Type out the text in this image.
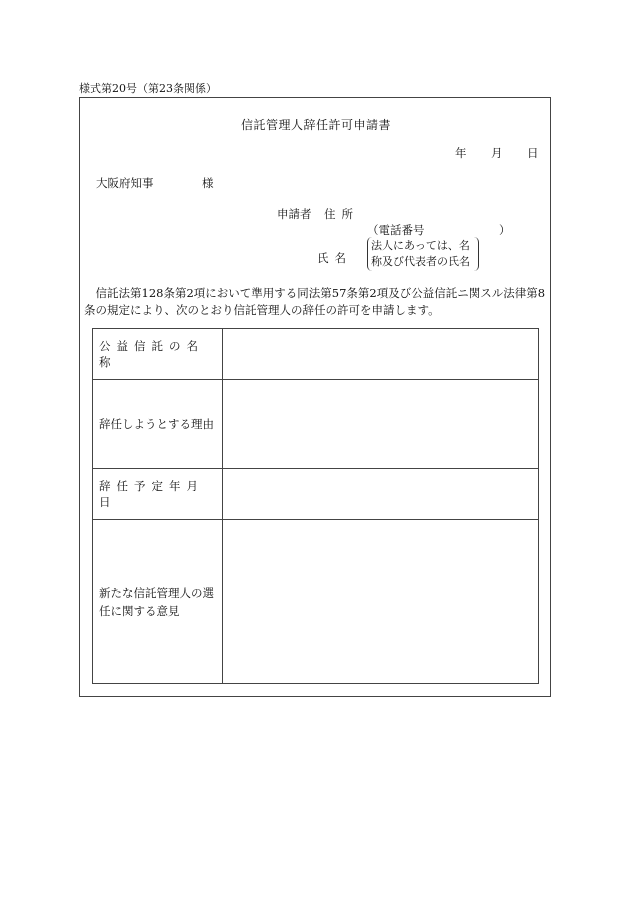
様式第20号（第23条関係）
信託管理人辞任許可申請書
年 月 日
大阪府知事	様
申請者 住所
（電話番号	）
氏名
法人にあっては、名
称及び代表者の氏名
信託法第128条第2項において準用する同法第57条第2項及び公益信託ニ関スル法律第8条の規定により、次のとおり信託管理人の辞任の許可を申請します。
公益信託の名称	
辞任しようとする理由	
辞任予定年月日	
新たな信託管理人の選任に関する意見	
